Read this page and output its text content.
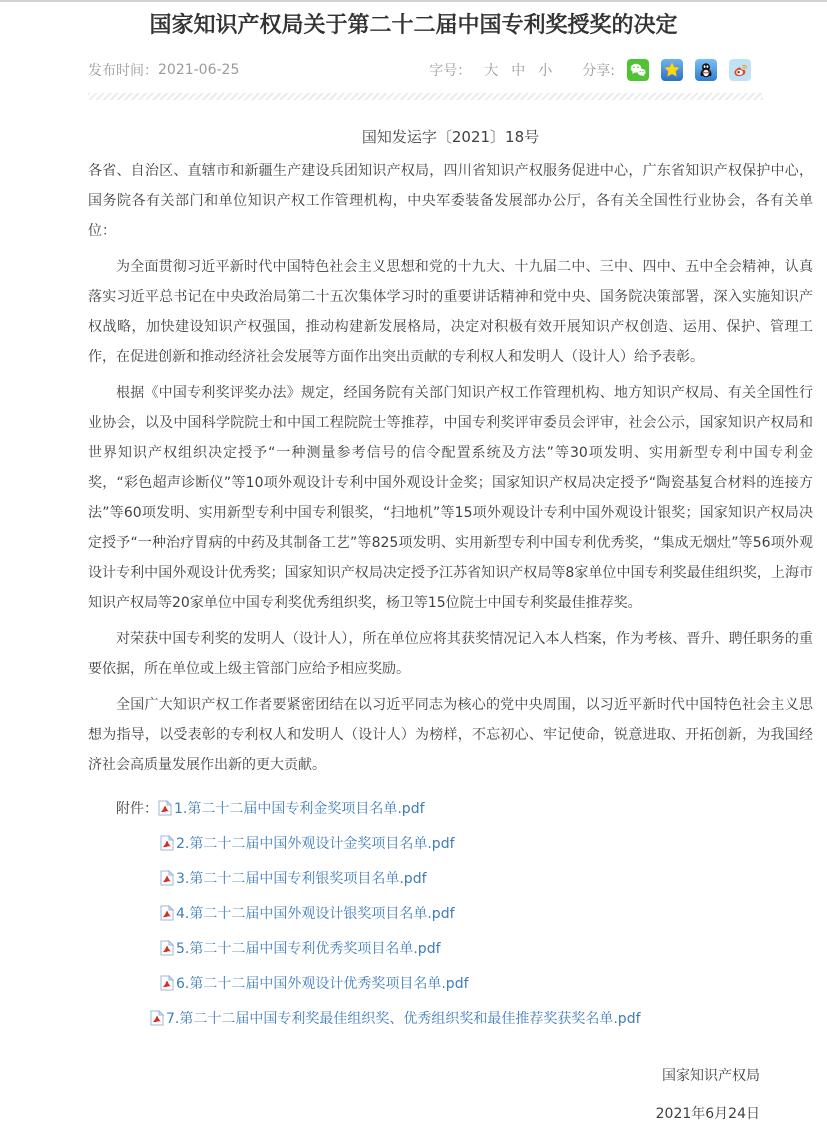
国家知识产权局关于第二十二届中国专利奖授奖的决定
发布时间： 2021-06-25	字号： 大 中 小 分享:
国知发运字〔2021〕18号

各省、自治区、直辖市和新疆生产建设兵团知识产权局，四川省知识产权服务促进中心，广东省知识产权保护中心，国务院各有关部门和单位知识产权工作管理机构，中央军委装备发展部办公厅，各有关全国性行业协会，各有关单位：

为全面贯彻习近平新时代中国特色社会主义思想和党的十九大、十九届二中、三中、四中、五中全会精神，认真落实习近平总书记在中央政治局第二十五次集体学习时的重要讲话精神和党中央、国务院决策部署，深入实施知识产权战略，加快建设知识产权强国，推动构建新发展格局，决定对积极有效开展知识产权创造、运用、保护、管理工作，在促进创新和推动经济社会发展等方面作出突出贡献的专利权人和发明人（设计人）给予表彰。

根据《中国专利奖评奖办法》规定，经国务院有关部门知识产权工作管理机构、地方知识产权局、有关全国性行业协会，以及中国科学院院士和中国工程院院士等推荐，中国专利奖评审委员会评审，社会公示，国家知识产权局和世界知识产权组织决定授予“一种测量参考信号的信令配置系统及方法”等30项发明、实用新型专利中国专利金奖，“彩色超声诊断仪”等10项外观设计专利中国外观设计金奖；国家知识产权局决定授予“陶瓷基复合材料的连接方法”等60项发明、实用新型专利中国专利银奖，“扫地机”等15项外观设计专利中国外观设计银奖；国家知识产权局决定授予“一种治疗胃病的中药及其制备工艺”等825项发明、实用新型专利中国专利优秀奖，“集成无烟灶”等56项外观设计专利中国外观设计优秀奖；国家知识产权局决定授予江苏省知识产权局等8家单位中国专利奖最佳组织奖，上海市知识产权局等20家单位中国专利奖优秀组织奖，杨卫等15位院士中国专利奖最佳推荐奖。

对荣获中国专利奖的发明人（设计人），所在单位应将其获奖情况记入本人档案，作为考核、晋升、聘任职务的重要依据，所在单位或上级主管部门应给予相应奖励。

全国广大知识产权工作者要紧密团结在以习近平同志为核心的党中央周围，以习近平新时代中国特色社会主义思想为指导，以受表彰的专利权人和发明人（设计人）为榜样，不忘初心、牢记使命，锐意进取、开拓创新，为我国经济社会高质量发展作出新的更大贡献。

附件： 1.第二十二届中国专利金奖项目名单.pdf
2.第二十二届中国外观设计金奖项目名单.pdf
3.第二十二届中国专利银奖项目名单.pdf
4.第二十二届中国外观设计银奖项目名单.pdf
5.第二十二届中国专利优秀奖项目名单.pdf
6.第二十二届中国外观设计优秀奖项目名单.pdf
7.第二十二届中国专利奖最佳组织奖、优秀组织奖和最佳推荐奖获奖名单.pdf
国家知识产权局
2021年6月24日
